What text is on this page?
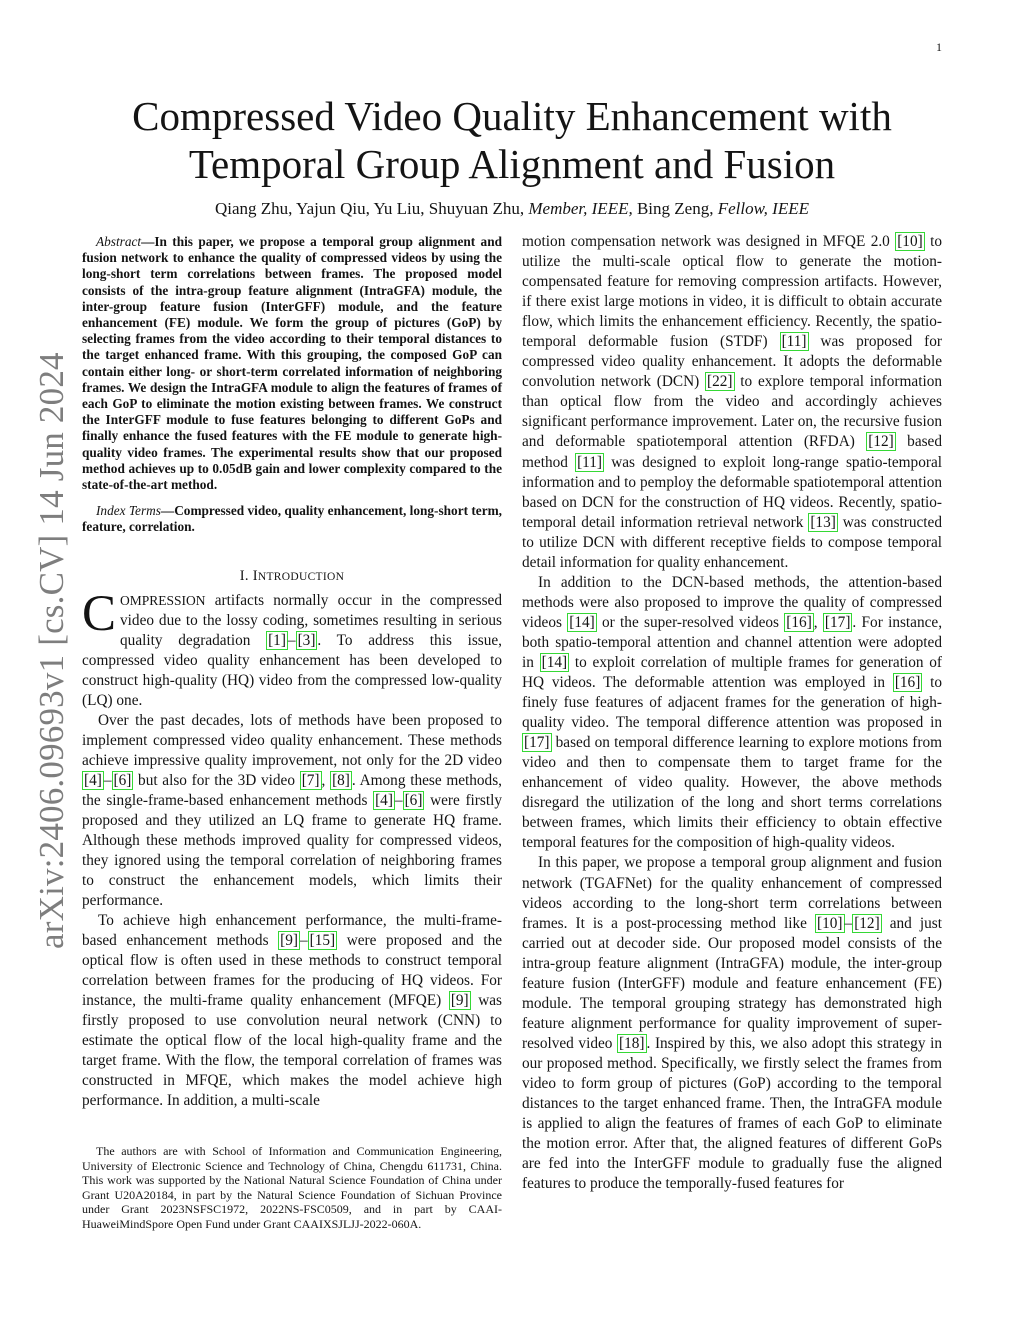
1
arXiv:2406.09693v1 [cs.CV] 14 Jun 2024
Compressed Video Quality Enhancement with
Temporal Group Alignment and Fusion
Qiang Zhu, Yajun Qiu, Yu Liu, Shuyuan Zhu, Member, IEEE, Bing Zeng, Fellow, IEEE

Abstract—In this paper, we propose a temporal group alignment and fusion network to enhance the quality of compressed videos by using the long-short term correlations between frames. The proposed model consists of the intra-group feature alignment (IntraGFA) module, the inter-group feature fusion (InterGFF) module, and the feature enhancement (FE) module. We form the group of pictures (GoP) by selecting frames from the video according to their temporal distances to the target enhanced frame. With this grouping, the composed GoP can contain either long- or short-term correlated information of neighboring frames. We design the IntraGFA module to align the features of frames of each GoP to eliminate the motion existing between frames. We construct the InterGFF module to fuse features belonging to different GoPs and finally enhance the fused features with the FE module to generate high-quality video frames. The experimental results show that our proposed method achieves up to 0.05dB gain and lower complexity compared to the state-of-the-art method.

Index Terms—Compressed video, quality enhancement, long-short term, feature, correlation.

I. INTRODUCTION

COMPRESSION artifacts normally occur in the compressed video due to the lossy coding, sometimes resulting in serious quality degradation [1] – [3] . To address this issue, compressed video quality enhancement has been developed to construct high-quality (HQ) video from the compressed low-quality (LQ) one.

Over the past decades, lots of methods have been proposed to implement compressed video quality enhancement. These methods achieve impressive quality improvement, not only for the 2D video [4] – [6] but also for the 3D video [7] , [8] . Among these methods, the single-frame-based enhancement methods [4] – [6] were firstly proposed and they utilized an LQ frame to generate HQ frame. Although these methods improved quality for compressed videos, they ignored using the temporal correlation of neighboring frames to construct the enhancement models, which limits their performance.

To achieve high enhancement performance, the multi-frame-based enhancement methods [9] – [15] were proposed and the optical flow is often used in these methods to construct temporal correlation between frames for the producing of HQ videos. For instance, the multi-frame quality enhancement (MFQE) [9] was firstly proposed to use convolution neural network (CNN) to estimate the optical flow of the local high-quality frame and the target frame. With the flow, the temporal correlation of frames was constructed in MFQE, which makes the model achieve high performance. In addition, a multi-scale

The authors are with School of Information and Communication Engineering, University of Electronic Science and Technology of China, Chengdu 611731, China. This work was supported by the National Natural Science Foundation of China under Grant U20A20184, in part by the Natural Science Foundation of Sichuan Province under Grant 2023NSFSC1972, 2022NS-FSC0509, and in part by CAAI-HuaweiMindSpore Open Fund under Grant CAAIXSJLJJ-2022-060A.

motion compensation network was designed in MFQE 2.0 [10] to utilize the multi-scale optical flow to generate the motion-compensated feature for removing compression artifacts. However, if there exist large motions in video, it is difficult to obtain accurate flow, which limits the enhancement efficiency. Recently, the spatio-temporal deformable fusion (STDF) [11] was proposed for compressed video quality enhancement. It adopts the deformable convolution network (DCN) [22] to explore temporal information than optical flow from the video and accordingly achieves significant performance improvement. Later on, the recursive fusion and deformable spatiotemporal attention (RFDA) [12] based method [11] was designed to exploit long-range spatio-temporal information and to pemploy the deformable spatiotemporal attention based on DCN for the construction of HQ videos. Recently, spatio-temporal detail information retrieval network [13] was constructed to utilize DCN with different receptive fields to compose temporal detail information for quality enhancement.

In addition to the DCN-based methods, the attention-based methods were also proposed to improve the quality of compressed videos [14] or the super-resolved videos [16] , [17] . For instance, both spatio-temporal attention and channel attention were adopted in [14] to exploit correlation of multiple frames for generation of HQ videos. The deformable attention was employed in [16] to finely fuse features of adjacent frames for the generation of high-quality video. The temporal difference attention was proposed in [17] based on temporal difference learning to explore motions from video and then to compensate them to target frame for the enhancement of video quality. However, the above methods disregard the utilization of the long and short terms correlations between frames, which limits their efficiency to obtain effective temporal features for the composition of high-quality videos.

In this paper, we propose a temporal group alignment and fusion network (TGAFNet) for the quality enhancement of compressed videos according to the long-short term correlations between frames. It is a post-processing method like [10] – [12] and just carried out at decoder side. Our proposed model consists of the intra-group feature alignment (IntraGFA) module, the inter-group feature fusion (InterGFF) module and feature enhancement (FE) module. The temporal grouping strategy has demonstrated high feature alignment performance for quality improvement of super-resolved video [18] . Inspired by this, we also adopt this strategy in our proposed method. Specifically, we firstly select the frames from video to form group of pictures (GoP) according to the temporal distances to the target enhanced frame. Then, the IntraGFA module is applied to align the features of frames of each GoP to eliminate the motion error. After that, the aligned features of different GoPs are fed into the InterGFF module to gradually fuse the aligned features to produce the temporally-fused features for
